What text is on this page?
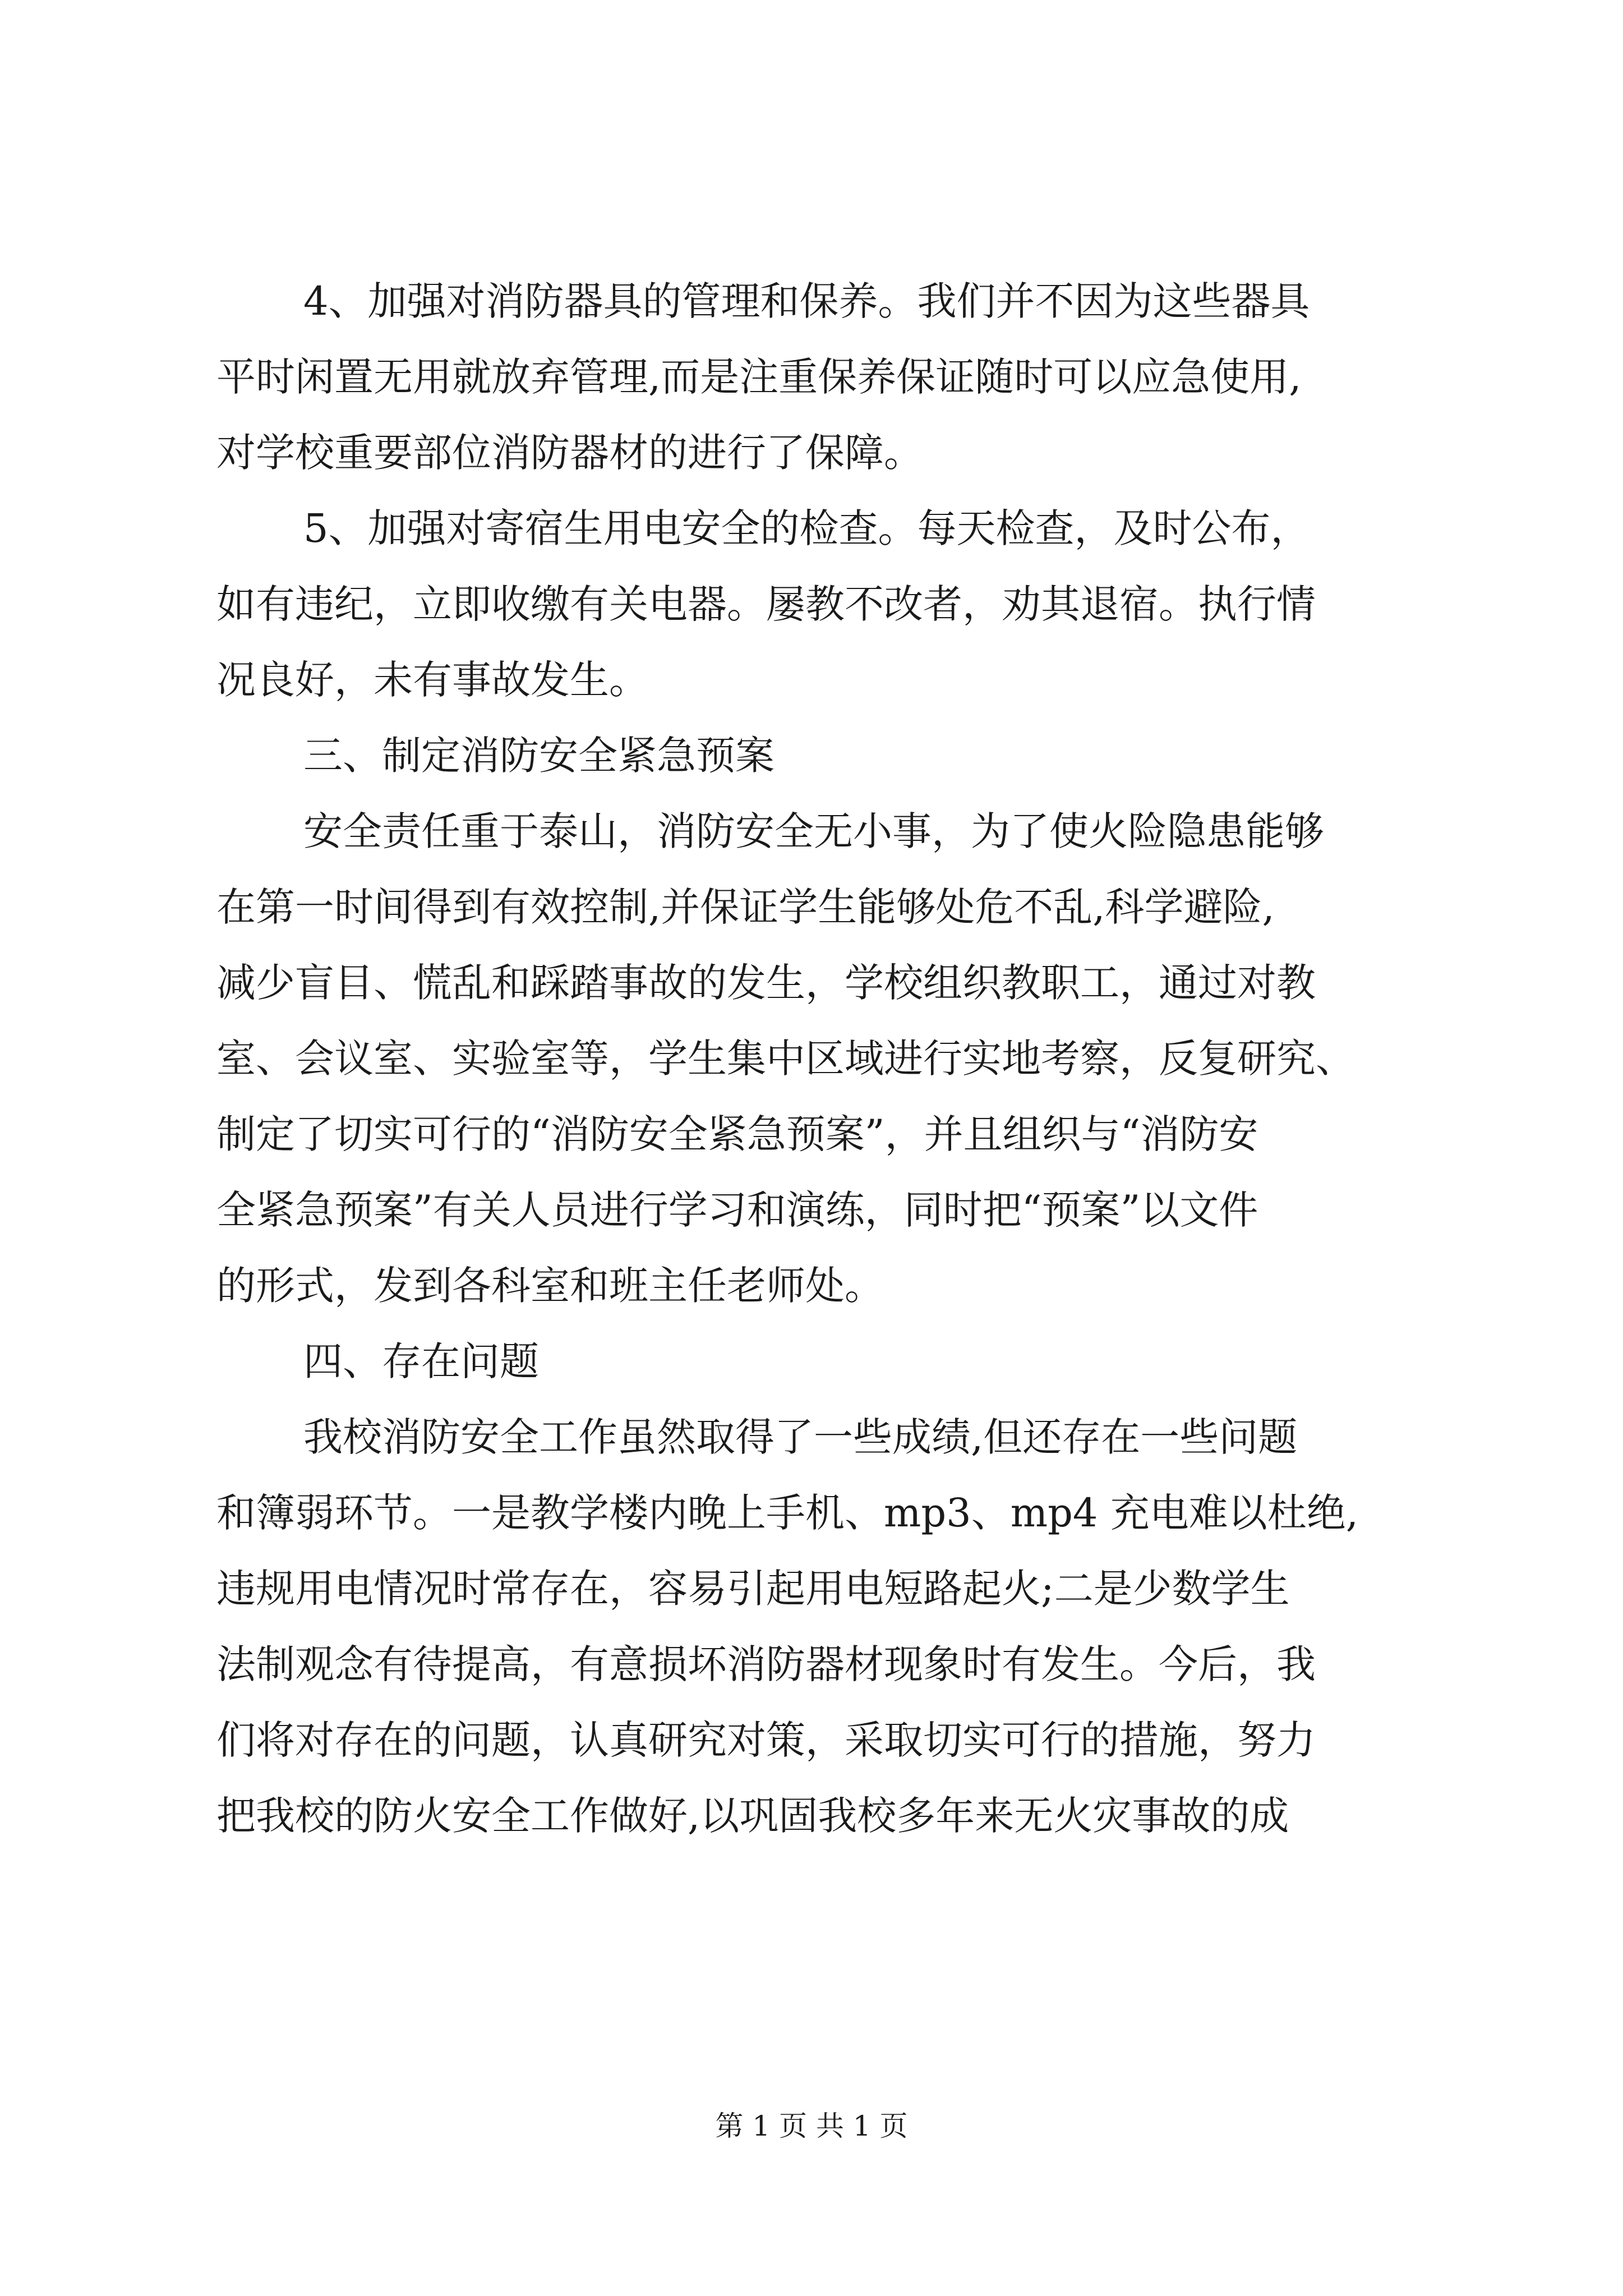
4、加强对消防器具的管理和保养。我们并不因为这些器具
平时闲置无用就放弃管理,而是注重保养保证随时可以应急使用,
对学校重要部位消防器材的进行了保障。
5、加强对寄宿生用电安全的检查。每天检查，及时公布，
如有违纪，立即收缴有关电器。屡教不改者，劝其退宿。执行情
况良好，未有事故发生。
三、制定消防安全紧急预案
安全责任重于泰山，消防安全无小事，为了使火险隐患能够
在第一时间得到有效控制,并保证学生能够处危不乱,科学避险,
减少盲目、慌乱和踩踏事故的发生，学校组织教职工，通过对教
室、会议室、实验室等，学生集中区域进行实地考察，反复研究、
制定了切实可行的“消防安全紧急预案”，并且组织与“消防安
全紧急预案”有关人员进行学习和演练，同时把“预案”以文件
的形式，发到各科室和班主任老师处。
四、存在问题
我校消防安全工作虽然取得了一些成绩,但还存在一些问题
和簿弱环节。一是教学楼内晚上手机、mp3、mp4 充电难以杜绝,
违规用电情况时常存在，容易引起用电短路起火;二是少数学生
法制观念有待提高，有意损坏消防器材现象时有发生。今后，我
们将对存在的问题，认真研究对策，采取切实可行的措施，努力
把我校的防火安全工作做好,以巩固我校多年来无火灾事故的成
第 1 页 共 1 页
